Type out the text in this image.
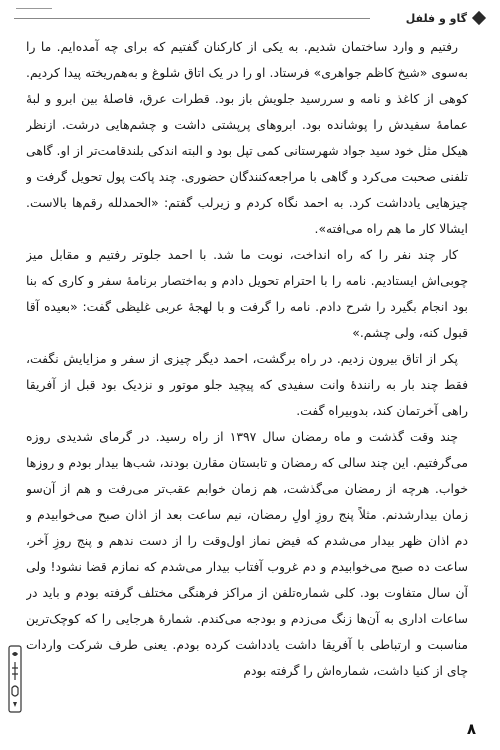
گاو و فلفل

رفتیم و وارد ساختمان شدیم. به یکی از کارکنان گفتیم که برای چه آمده‌ایم. ما را به‌سوی «شیخ کاظم جواهری» فرستاد. او را در یک اتاق شلوغ و به‌هم‌ریخته پیدا کردیم. کوهی از کاغذ و نامه و سررسید جلویش باز بود. قطرات عرق، فاصلهٔ بین ابرو و لبهٔ عمامهٔ سفیدش را پوشانده بود. ابروهای پرپشتی داشت و چشم‌هایی درشت. ازنظر هیکل مثل خود سید جواد شهرستانی کمی تپل بود و البته اندکی بلندقامت‌تر از او. گاهی تلفنی صحبت می‌کرد و گاهی با مراجعه‌کنندگان حضوری. چند پاکت پول تحویل گرفت و چیزهایی یادداشت کرد. به احمد نگاه کردم و زیرلب گفتم: «الحمدلله رقم‌ها بالاست. ایشالا کار ما هم راه می‌افته».

کار چند نفر را که راه انداخت، نوبت ما شد. با احمد جلوتر رفتیم و مقابل میز چوبی‌اش ایستادیم. نامه را با احترام تحویل دادم و به‌اختصار برنامهٔ سفر و کاری که بنا بود انجام بگیرد را شرح دادم. نامه را گرفت و با لهجهٔ عربی غلیظی گفت: «بعیده آقا قبول کنه، ولی چشم.»

پکر از اتاق بیرون زدیم. در راه برگشت، احمد دیگر چیزی از سفر و مزایایش نگفت، فقط چند بار به رانندهٔ وانت سفیدی که پیچید جلو موتور و نزدیک بود قبل از آفریقا راهی آخرتمان کند، بدوبیراه گفت.

چند وقت گذشت و ماه رمضان سال ۱۳۹۷ از راه رسید. در گرمای شدیدی روزه می‌گرفتیم. این چند سالی که رمضان و تابستان مقارن بودند، شب‌ها بیدار بودم و روزها خواب. هرچه از رمضان می‌گذشت، هم زمان خوابم عقب‌تر می‌رفت و هم از آن‌سو زمان بیدارشدنم. مثلاً پنج روزِ اولِ رمضان، نیم ساعت بعد از اذان صبح می‌خوابیدم و دم اذان ظهر بیدار می‌شدم که فیض نماز اول‌وقت را از دست ندهم و پنج روزِ آخر، ساعت ده صبح می‌خوابیدم و دم غروب آفتاب بیدار می‌شدم که نمازم قضا نشود! ولی آن سال متفاوت بود. کلی شماره‌تلفن از مراکز فرهنگی مختلف گرفته بودم و باید در ساعات اداری به آن‌ها زنگ می‌زدم و بودجه می‌کندم. شمارهٔ هرجایی را که کوچک‌ترین مناسبت و ارتباطی با آفریقا داشت یادداشت کرده بودم. یعنی طرف شرکت واردات چای از کنیا داشت، شماره‌اش را گرفته بودم

۸
